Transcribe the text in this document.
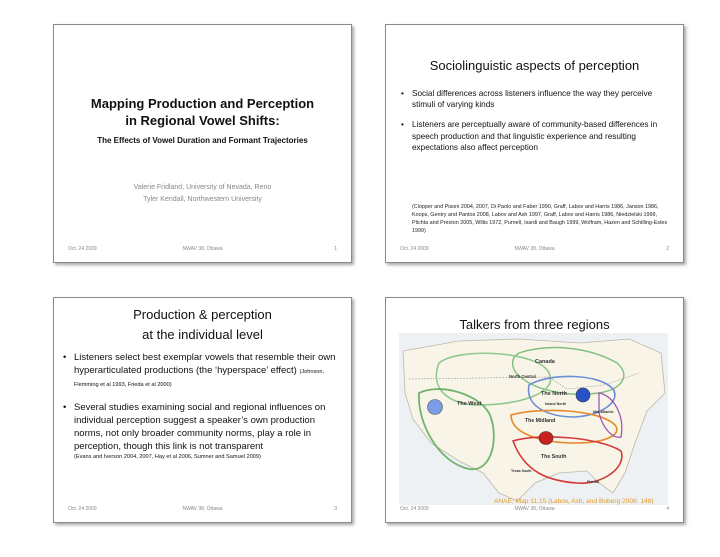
Mapping Production and Perception
in Regional Vowel Shifts:
The Effects of Vowel Duration and Formant Trajectories
Valerie Fridland, University of Nevada, Reno
Tyler Kendall, Northwestern University
Oct. 24 2009	NWAV 38, Ottawa	1
Sociolinguistic aspects of perception
• Social differences across listeners influence the way they perceive stimuli of varying kinds
• Listeners are perceptually aware of community-based differences in speech production and that linguistic experience and resulting expectations also affect perception
(Clopper and Pisoni 2004, 2007, Di Paolo and Faber 1990, Graff, Labov and Harris 1986, Janson 1986, Koops, Gentry and Pantos 2008, Labov and Ash 1997, Graff, Labov and Harris 1986, Niedzielski 1999, Plichta and Preston 2005, Willis 1972, Purnell, Isardi and Baugh 1999, Wolfram, Hazen and Schilling-Estes 1999)
Oct. 24 2009	NWAV 38, Ottawa	2
Production & perception
at the individual level
• Listeners select best exemplar vowels that resemble their own hyperarticulated productions (the ‘hyperspace’ effect) (Johnson, Flemming et al 1993, Frieda et al 2000)
• Several studies examining social and regional influences on individual perception suggest a speaker’s own production norms, not only broader community norms, play a role in perception, though this link is not transparent
(Evans and Iverson 2004, 2007, Hay et al 2006, Sumner and Samuel 2009)
Oct. 24 2009	NWAV 38, Ottawa	3
Talkers from three regions
Canada
North Central
The North
The West	Inland North
The Midland
The South
Texas South
Mid-Atlantic
Florida
ANAE, Map 11.15 (Labov, Ash, and Boberg 2006: 148)
Oct. 24 2009	NWAV 38, Ottawa	4
